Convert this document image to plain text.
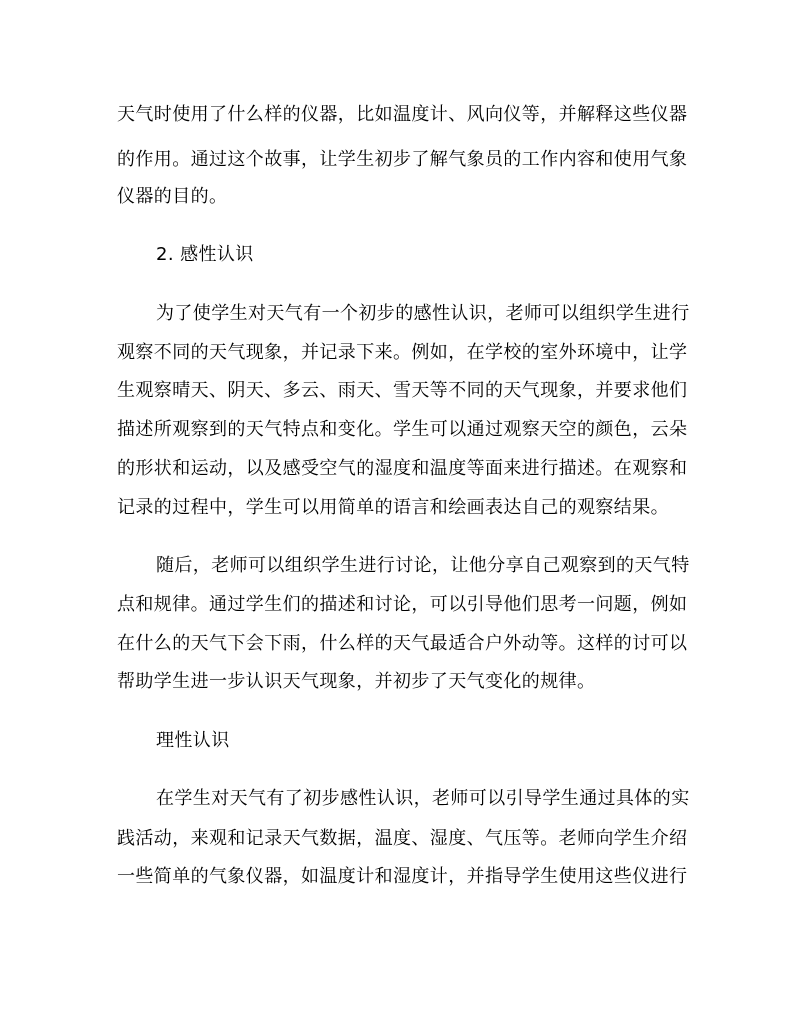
天气时使用了什么样的仪器，比如温度计、风向仪等，并解释这些仪器
的作用。通过这个故事，让学生初步了解气象员的工作内容和使用气象
仪器的目的。
2. 感性认识
为了使学生对天气有一个初步的感性认识，老师可以组织学生进行
观察不同的天气现象，并记录下来。例如，在学校的室外环境中，让学
生观察晴天、阴天、多云、雨天、雪天等不同的天气现象，并要求他们
描述所观察到的天气特点和变化。学生可以通过观察天空的颜色，云朵
的形状和运动，以及感受空气的湿度和温度等面来进行描述。在观察和
记录的过程中，学生可以用简单的语言和绘画表达自己的观察结果。
随后，老师可以组织学生进行讨论，让他分享自己观察到的天气特
点和规律。通过学生们的描述和讨论，可以引导他们思考一问题，例如
在什么的天气下会下雨，什么样的天气最适合户外动等。这样的讨可以
帮助学生进一步认识天气现象，并初步了天气变化的规律。
理性认识
在学生对天气有了初步感性认识，老师可以引导学生通过具体的实
践活动，来观和记录天气数据，温度、湿度、气压等。老师向学生介绍
一些简单的气象仪器，如温度计和湿度计，并指导学生使用这些仪进行
